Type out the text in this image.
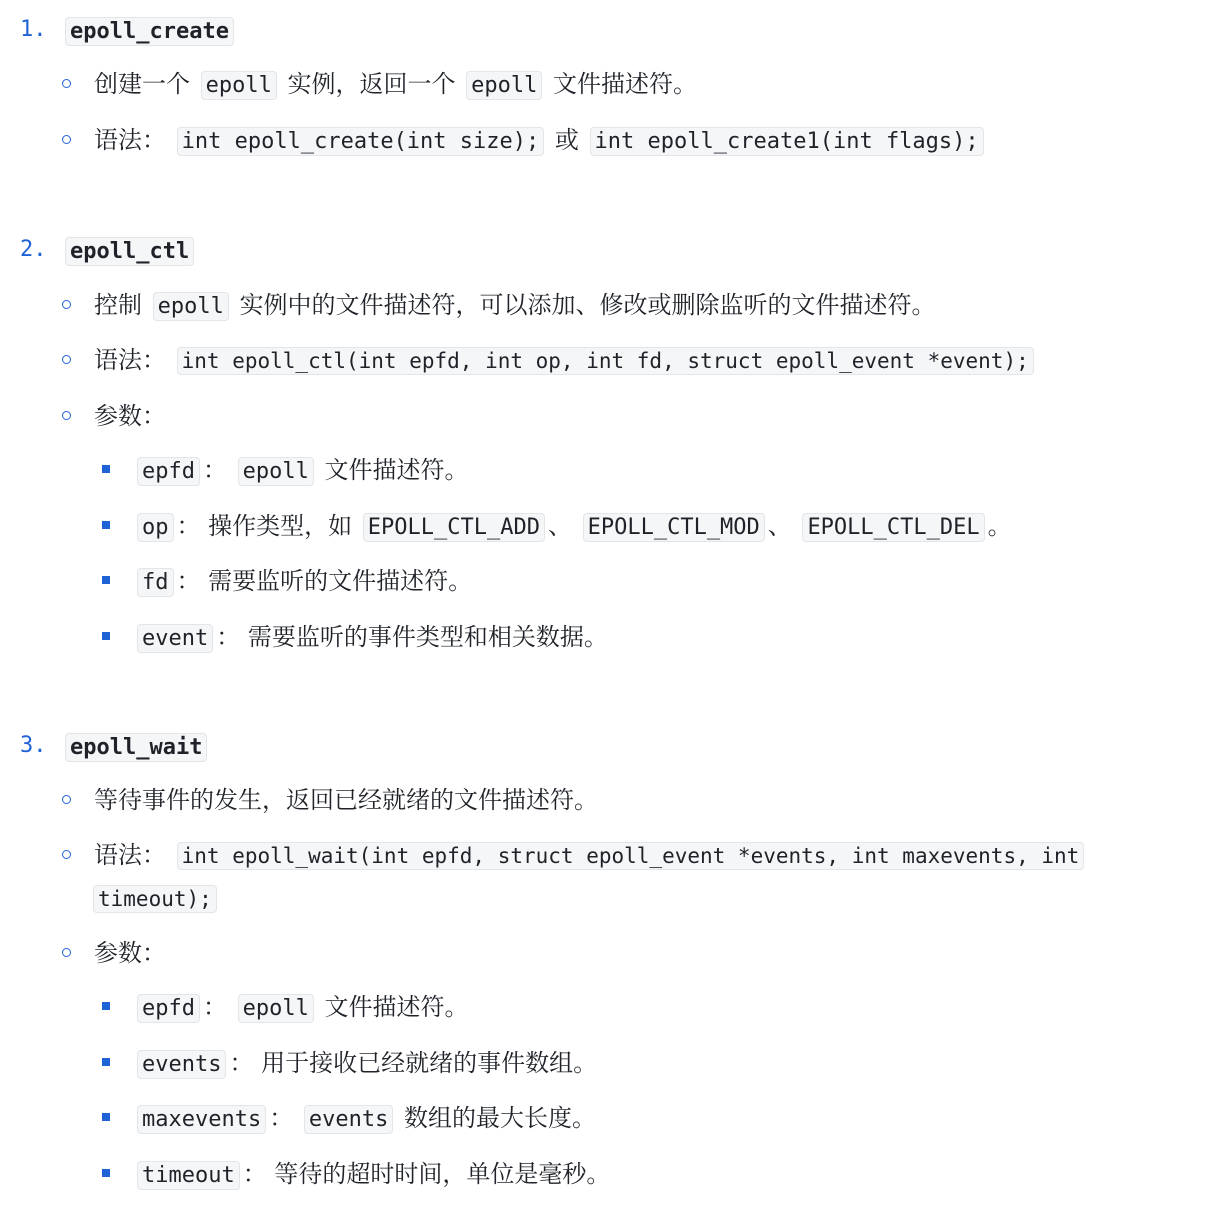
1.	epoll_create
创建一个 epoll 实例，返回一个 epoll 文件描述符。
语法： int epoll_create(int size); 或 int epoll_create1(int flags);
2.	epoll_ctl
控制 epoll 实例中的文件描述符，可以添加、修改或删除监听的文件描述符。
语法： int epoll_ctl(int epfd, int op, int fd, struct epoll_event *event);
参数：
epfd ： epoll 文件描述符。
op ： 操作类型，如 EPOLL_CTL_ADD 、 EPOLL_CTL_MOD 、 EPOLL_CTL_DEL 。
fd ： 需要监听的文件描述符。
event ： 需要监听的事件类型和相关数据。
3.	epoll_wait
等待事件的发生，返回已经就绪的文件描述符。
语法： int epoll_wait(int epfd, struct epoll_event *events, int maxevents, int
timeout);
参数：
epfd ： epoll 文件描述符。
events ： 用于接收已经就绪的事件数组。
maxevents ： events 数组的最大长度。
timeout ： 等待的超时时间，单位是毫秒。
